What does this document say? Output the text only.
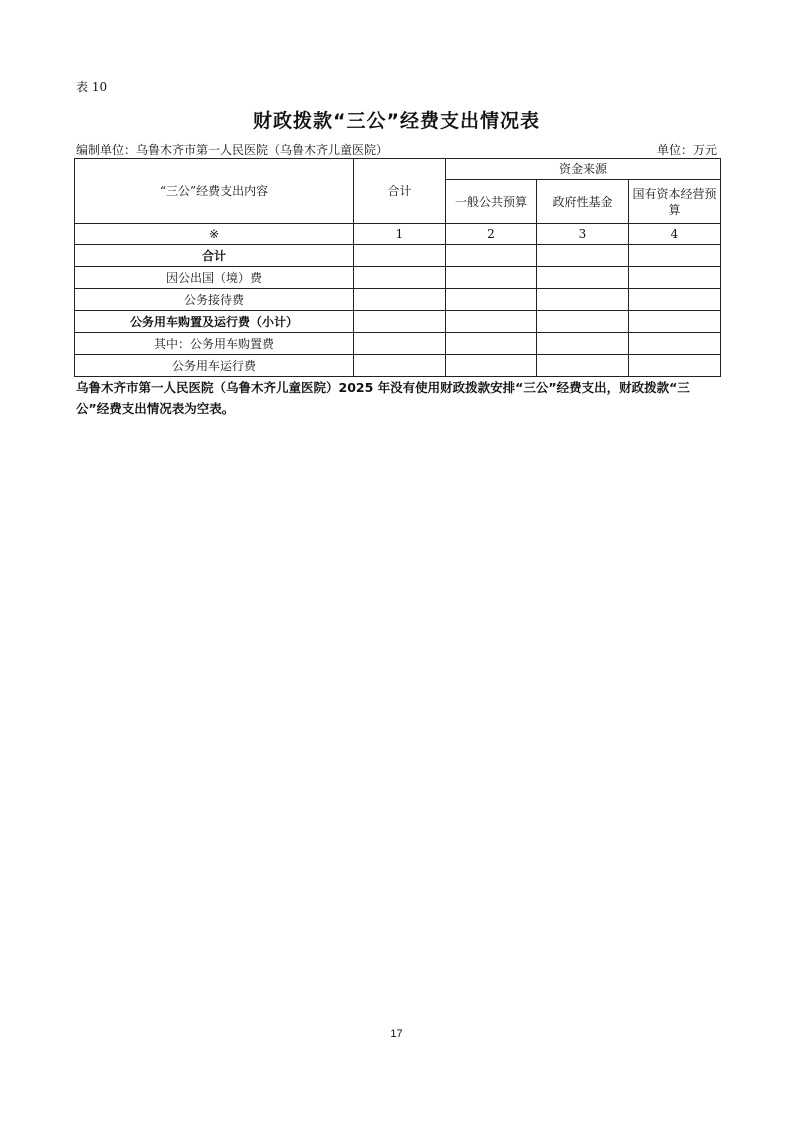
表 10
财政拨款“三公”经费支出情况表
编制单位：乌鲁木齐市第一人民医院（乌鲁木齐儿童医院）	单位：万元
“三公”经费支出内容	合计	资金来源		
		一般公共预算	政府性基金	国有资本经营预算
※	1	2	3	4
合计				
因公出国（境）费				
公务接待费				
公务用车购置及运行费（小计）				
其中：公务用车购置费				
公务用车运行费				
乌鲁木齐市第一人民医院（乌鲁木齐儿童医院）2025 年没有使用财政拨款安排“三公”经费支出，财政拨款“三公”经费支出情况表为空表。
17
